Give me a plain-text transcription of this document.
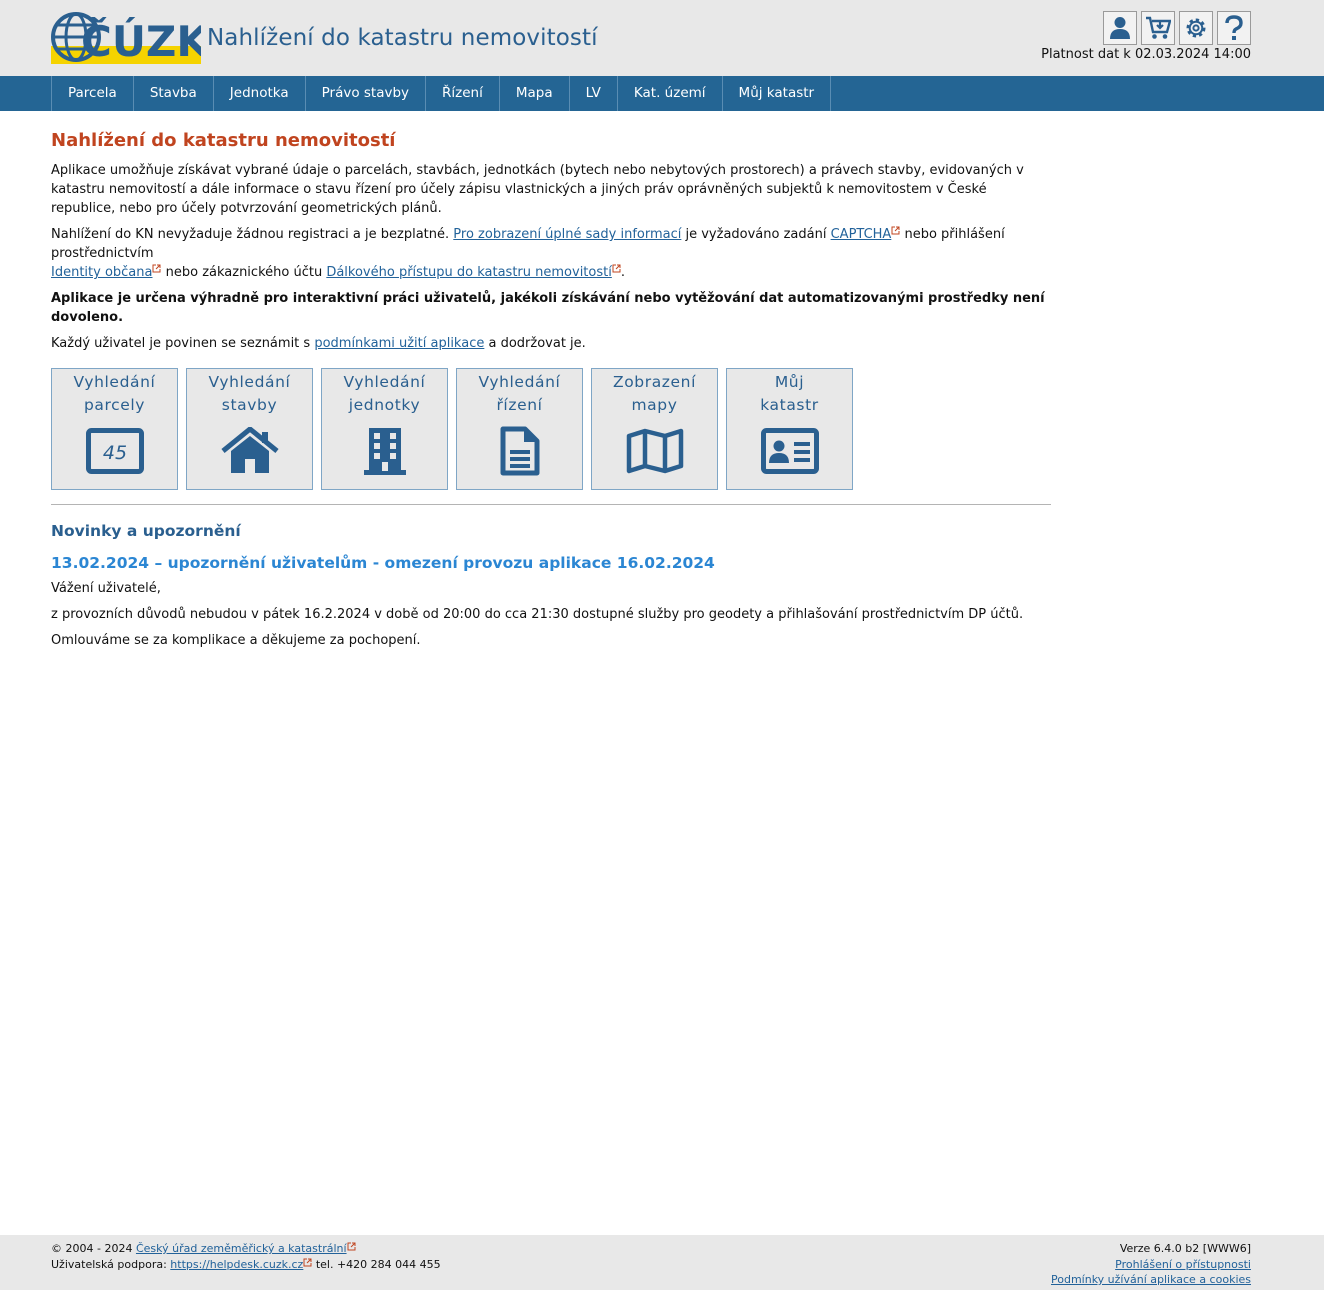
ČÚZK
Nahlížení do katastru nemovitostí
Platnost dat k 02.03.2024 14:00
Parcela	Stavba	Jednotka	Právo stavby	Řízení	Mapa	LV	Kat. území	Můj katastr
Nahlížení do katastru nemovitostí

Aplikace umožňuje získávat vybrané údaje o parcelách, stavbách, jednotkách (bytech nebo nebytových prostorech) a právech stavby, evidovaných v katastru nemovitostí a dále informace o stavu řízení pro účely zápisu vlastnických a jiných práv oprávněných subjektů k nemovitostem v České republice, nebo pro účely potvrzování geometrických plánů.

Nahlížení do KN nevyžaduje žádnou registraci a je bezplatné. Pro zobrazení úplné sady informací je vyžadováno zadání CAPTCHA nebo přihlášení prostřednictvím
Identity občana nebo zákaznického účtu Dálkového přístupu do katastru nemovitostí .

Aplikace je určena výhradně pro interaktivní práci uživatelů, jakékoli získávání nebo vytěžování dat automatizovanými prostředky není dovoleno.

Každý uživatel je povinen se seznámit s podmínkami užití aplikace a dodržovat je.

Vyhledání
parcely
45
Vyhledání
stavby
Vyhledání
jednotky
Vyhledání
řízení
Zobrazení
mapy
Můj
katastr
Novinky a upozornění
13.02.2024 – upozornění uživatelům - omezení provozu aplikace 16.02.2024

Vážení uživatelé,

z provozních důvodů nebudou v pátek 16.2.2024 v době od 20:00 do cca 21:30 dostupné služby pro geodety a přihlašování prostřednictvím DP účtů.

Omlouváme se za komplikace a děkujeme za pochopení.

© 2004 - 2024 Český úřad zeměměřický a katastrální
Uživatelská podpora: https://helpdesk.cuzk.cz tel. +420 284 044 455
Verze 6.4.0 b2 [WWW6]
Prohlášení o přístupnosti
Podmínky užívání aplikace a cookies
